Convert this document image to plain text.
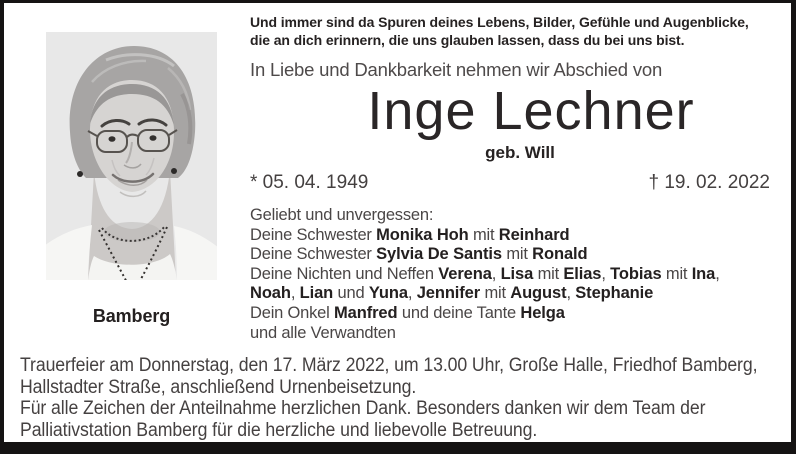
Bamberg
Und immer sind da Spuren deines Lebens, Bilder, Gefühle und Augenblicke,
die an dich erinnern, die uns glauben lassen, dass du bei uns bist.
In Liebe und Dankbarkeit nehmen wir Abschied von
Inge Lechner
geb. Will
* 05. 04. 1949	† 19. 02. 2022
Geliebt und unvergessen:
Deine Schwester Monika Hoh mit Reinhard
Deine Schwester Sylvia De Santis mit Ronald
Deine Nichten und Neffen Verena, Lisa mit Elias, Tobias mit Ina,
Noah, Lian und Yuna, Jennifer mit August, Stephanie
Dein Onkel Manfred und deine Tante Helga
und alle Verwandten
Trauerfeier am Donnerstag, den 17. März 2022, um 13.00 Uhr, Große Halle, Friedhof Bamberg,
Hallstadter Straße, anschließend Urnenbeisetzung.
Für alle Zeichen der Anteilnahme herzlichen Dank. Besonders danken wir dem Team der
Palliativstation Bamberg für die herzliche und liebevolle Betreuung.
